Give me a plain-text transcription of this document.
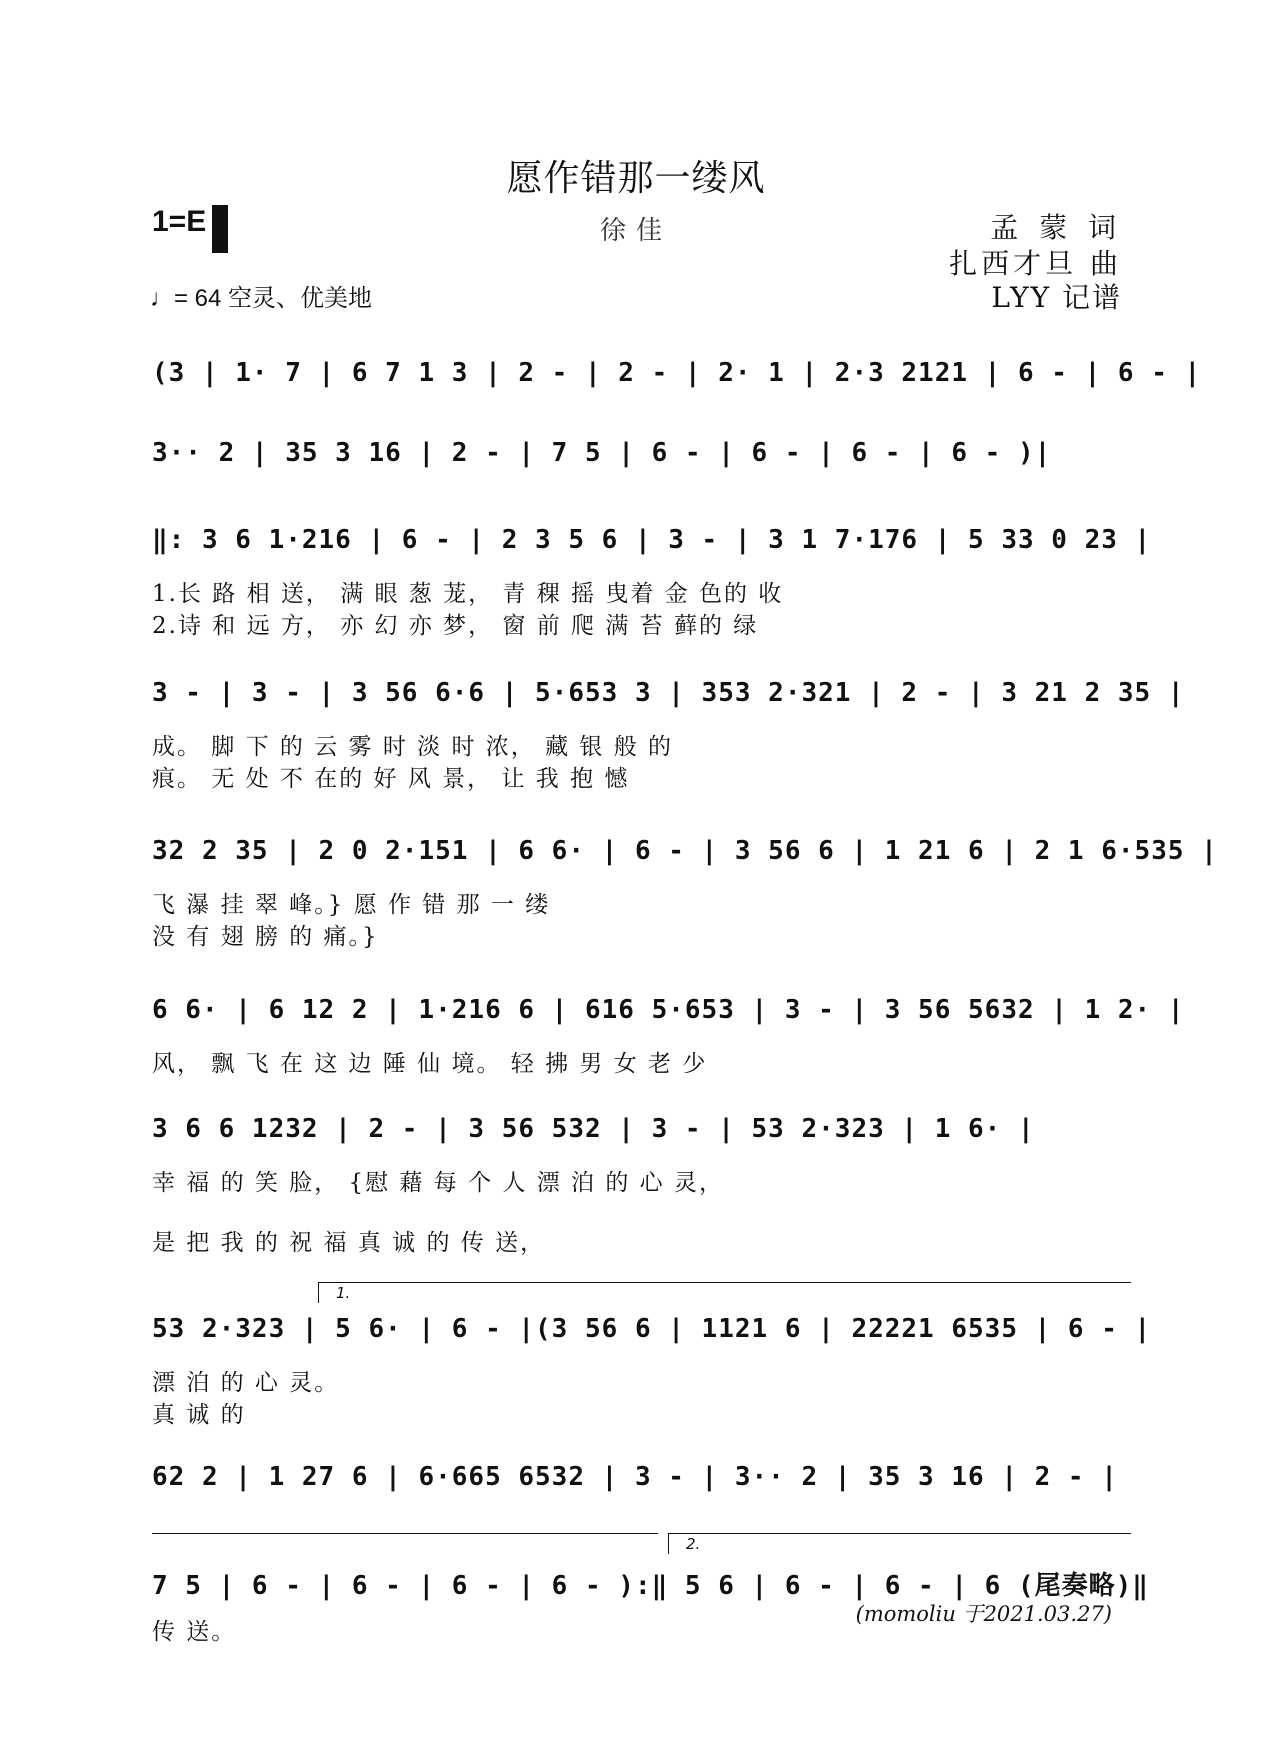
愿作错那一缕风
1=E	徐佳	孟 蒙 词
扎西才旦 曲
LYY 记谱
♩= 64 空灵、优美地
(3 | 1· 7 | 6 7 1 3 | 2 - | 2 - | 2· 1 | 2·3 2121 | 6 - | 6 - |
3·· 2 | 35 3 16 | 2 - | 7 5 | 6 - | 6 - | 6 - | 6 - )|
‖: 3 6 1·216 | 6 - | 2 3 5 6 | 3 - | 3 1 7·176 | 5 33 0 23 |
1.长 路 相 送， 满 眼 葱 茏， 青 稞 摇 曳着 金 色的 收
2.诗 和 远 方， 亦 幻 亦 梦， 窗 前 爬 满 苔 藓的 绿
3 - | 3 - | 3 56 6·6 | 5·653 3 | 353 2·321 | 2 - | 3 21 2 35 |
成。 脚 下 的 云 雾 时 淡 时 浓， 藏 银 般 的
痕。 无 处 不 在的 好 风 景， 让 我 抱 憾
32 2 35 | 2 0 2·151 | 6 6· | 6 - | 3 56 6 | 1 21 6 | 2 1 6·535 |
飞 瀑 挂 翠 峰。} 愿 作 错 那 一 缕
没 有 翅 膀 的 痛。}
6 6· | 6 12 2 | 1·216 6 | 616 5·653 | 3 - | 3 56 5632 | 1 2· |
风， 飘 飞 在 这 边 陲 仙 境。 轻 拂 男 女 老 少
3 6 6 1232 | 2 - | 3 56 532 | 3 - | 53 2·323 | 1 6· |
幸 福 的 笑 脸， {慰 藉 每 个 人 漂 泊 的 心 灵，
是 把 我 的 祝 福 真 诚 的 传 送，
1.
53 2·323 | 5 6· | 6 - |(3 56 6 | 1121 6 | 22221 6535 | 6 - |
漂 泊 的 心 灵。
真 诚 的
62 2 | 1 27 6 | 6·665 6532 | 3 - | 3·· 2 | 35 3 16 | 2 - |
2.
7 5 | 6 - | 6 - | 6 - | 6 - ):‖ 5 6 | 6 - | 6 - | 6 (尾奏略)‖
传 送。
(momoliu 于2021.03.27)
